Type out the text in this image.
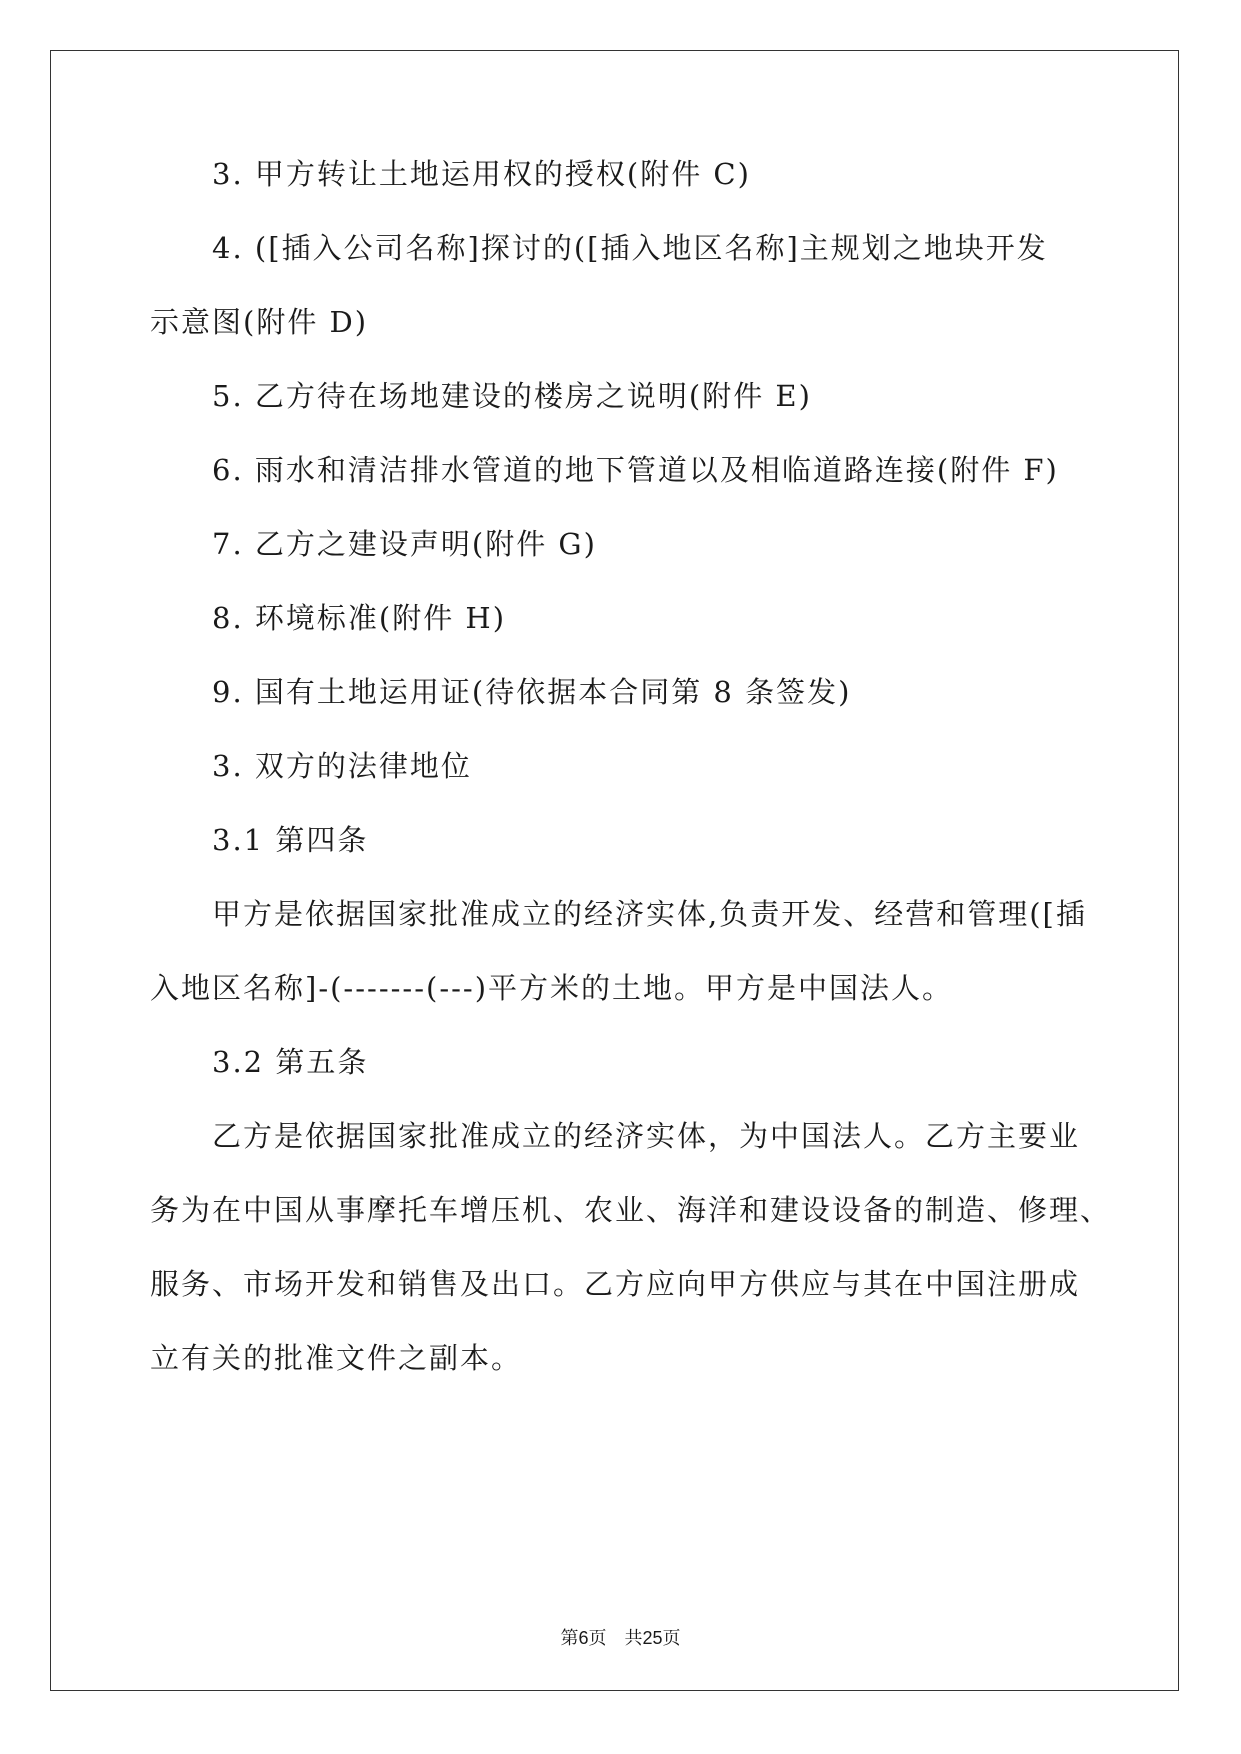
3. 甲方转让土地运用权的授权(附件 C)
4. ([插入公司名称]探讨的([插入地区名称]主规划之地块开发
示意图(附件 D)
5. 乙方待在场地建设的楼房之说明(附件 E)
6. 雨水和清洁排水管道的地下管道以及相临道路连接(附件 F)
7. 乙方之建设声明(附件 G)
8. 环境标准(附件 H)
9. 国有土地运用证(待依据本合同第 8 条签发)
3. 双方的法律地位
3.1 第四条
甲方是依据国家批准成立的经济实体,负责开发、经营和管理([插
入地区名称]-(-------(---)平方米的土地。甲方是中国法人。
3.2 第五条
乙方是依据国家批准成立的经济实体，为中国法人。乙方主要业
务为在中国从事摩托车增压机、农业、海洋和建设设备的制造、修理、
服务、市场开发和销售及出口。乙方应向甲方供应与其在中国注册成
立有关的批准文件之副本。
第6页 共25页
